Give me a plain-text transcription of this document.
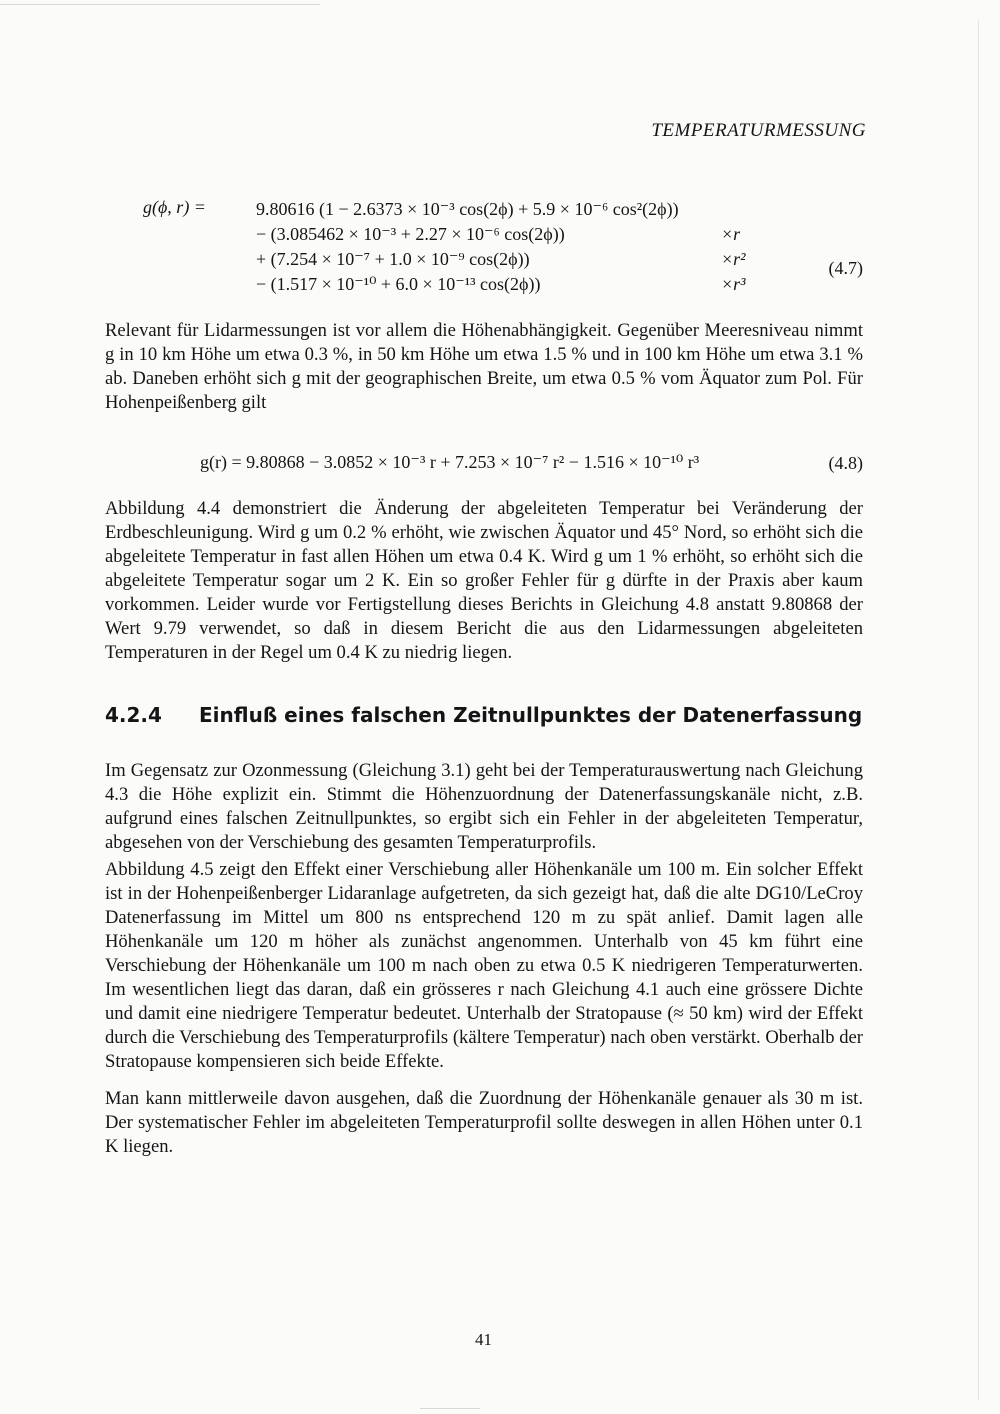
TEMPERATURMESSUNG
g(ϕ, r) =	9.80616 (1 − 2.6373 × 10⁻³ cos(2ϕ) + 5.9 × 10⁻⁶ cos²(2ϕ))
− (3.085462 × 10⁻³ + 2.27 × 10⁻⁶ cos(2ϕ))
+ (7.254 × 10⁻⁷ + 1.0 × 10⁻⁹ cos(2ϕ))
− (1.517 × 10⁻¹⁰ + 6.0 × 10⁻¹³ cos(2ϕ))

×r
×r²
×r³
(4.7)

Relevant für Lidarmessungen ist vor allem die Höhenabhängigkeit. Gegenüber Meeresniveau nimmt g in 10 km Höhe um etwa 0.3 %, in 50 km Höhe um etwa 1.5 % und in 100 km Höhe um etwa 3.1 % ab. Daneben erhöht sich g mit der geographischen Breite, um etwa 0.5 % vom Äquator zum Pol. Für Hohenpeißenberg gilt

g(r) = 9.80868 − 3.0852 × 10⁻³ r + 7.253 × 10⁻⁷ r² − 1.516 × 10⁻¹⁰ r³	(4.8)

Abbildung 4.4 demonstriert die Änderung der abgeleiteten Temperatur bei Veränderung der Erdbeschleunigung. Wird g um 0.2 % erhöht, wie zwischen Äquator und 45° Nord, so erhöht sich die abgeleitete Temperatur in fast allen Höhen um etwa 0.4 K. Wird g um 1 % erhöht, so erhöht sich die abgeleitete Temperatur sogar um 2 K. Ein so großer Fehler für g dürfte in der Praxis aber kaum vorkommen. Leider wurde vor Fertigstellung dieses Berichts in Gleichung 4.8 anstatt 9.80868 der Wert 9.79 verwendet, so daß in diesem Bericht die aus den Lidarmessungen abgeleiteten Temperaturen in der Regel um 0.4 K zu niedrig liegen.

4.2.4 Einfluß eines falschen Zeitnullpunktes der Datenerfassung

Im Gegensatz zur Ozonmessung (Gleichung 3.1) geht bei der Temperaturauswertung nach Gleichung 4.3 die Höhe explizit ein. Stimmt die Höhenzuordnung der Datenerfassungskanäle nicht, z.B. aufgrund eines falschen Zeitnullpunktes, so ergibt sich ein Fehler in der abgeleiteten Temperatur, abgesehen von der Verschiebung des gesamten Temperaturprofils.

Abbildung 4.5 zeigt den Effekt einer Verschiebung aller Höhenkanäle um 100 m. Ein solcher Effekt ist in der Hohenpeißenberger Lidaranlage aufgetreten, da sich gezeigt hat, daß die alte DG10/LeCroy Datenerfassung im Mittel um 800 ns entsprechend 120 m zu spät anlief. Damit lagen alle Höhenkanäle um 120 m höher als zunächst angenommen. Unterhalb von 45 km führt eine Verschiebung der Höhenkanäle um 100 m nach oben zu etwa 0.5 K niedrigeren Temperaturwerten. Im wesentlichen liegt das daran, daß ein grösseres r nach Gleichung 4.1 auch eine grössere Dichte und damit eine niedrigere Temperatur bedeutet. Unterhalb der Stratopause (≈ 50 km) wird der Effekt durch die Verschiebung des Temperaturprofils (kältere Temperatur) nach oben verstärkt. Oberhalb der Stratopause kompensieren sich beide Effekte.

Man kann mittlerweile davon ausgehen, daß die Zuordnung der Höhenkanäle genauer als 30 m ist. Der systematischer Fehler im abgeleiteten Temperaturprofil sollte deswegen in allen Höhen unter 0.1 K liegen.

41
